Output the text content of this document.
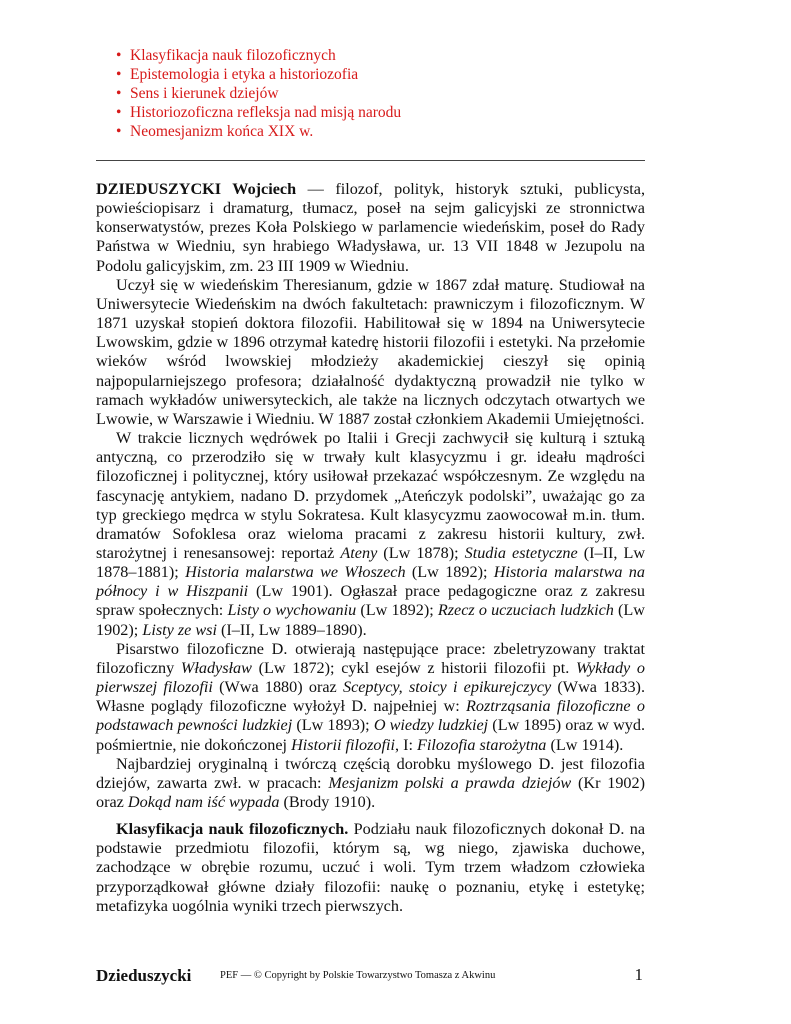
• Klasyfikacja nauk filozoficznych
• Epistemologia i etyka a historiozofia
• Sens i kierunek dziejów
• Historiozoficzna refleksja nad misją narodu
• Neomesjanizm końca XIX w.

DZIEDUSZYCKI Wojciech — filozof, polityk, historyk sztuki, publicysta, powieściopisarz i dramaturg, tłumacz, poseł na sejm galicyjski ze stronnictwa konserwatystów, prezes Koła Polskiego w parlamencie wiedeńskim, poseł do Rady Państwa w Wiedniu, syn hrabiego Władysława, ur. 13 VII 1848 w Jezupolu na Podolu galicyjskim, zm. 23 III 1909 w Wiedniu.

Uczył się w wiedeńskim Theresianum, gdzie w 1867 zdał maturę. Studiował na Uniwersytecie Wiedeńskim na dwóch fakultetach: prawniczym i filozoficznym. W 1871 uzyskał stopień doktora filozofii. Habilitował się w 1894 na Uniwersytecie Lwowskim, gdzie w 1896 otrzymał katedrę historii filozofii i estetyki. Na przełomie wieków wśród lwowskiej młodzieży akademickiej cieszył się opinią najpopularniejszego profesora; działalność dydaktyczną prowadził nie tylko w ramach wykładów uniwersyteckich, ale także na licznych odczytach otwartych we Lwowie, w Warszawie i Wiedniu. W 1887 został członkiem Akademii Umiejętności.

W trakcie licznych wędrówek po Italii i Grecji zachwycił się kulturą i sztuką antyczną, co przerodziło się w trwały kult klasycyzmu i gr. ideału mądrości filozoficznej i politycznej, który usiłował przekazać współczesnym. Ze względu na fascynację antykiem, nadano D. przydomek „Ateńczyk podolski”, uważając go za typ greckiego mędrca w stylu Sokratesa. Kult klasycyzmu zaowocował m.in. tłum. dramatów Sofoklesa oraz wieloma pracami z zakresu historii kultury, zwł. starożytnej i renesansowej: reportaż Ateny (Lw 1878); Studia estetyczne (I–II, Lw 1878–1881); Historia malarstwa we Włoszech (Lw 1892); Historia malarstwa na północy i w Hiszpanii (Lw 1901). Ogłaszał prace pedagogiczne oraz z zakresu spraw społecznych: Listy o wychowaniu (Lw 1892); Rzecz o uczuciach ludzkich (Lw 1902); Listy ze wsi (I–II, Lw 1889–1890).

Pisarstwo filozoficzne D. otwierają następujące prace: zbeletryzowany traktat filozoficzny Władysław (Lw 1872); cykl esejów z historii filozofii pt. Wykłady o pierwszej filozofii (Wwa 1880) oraz Sceptycy, stoicy i epikurejczycy (Wwa 1833). Własne poglądy filozoficzne wyłożył D. najpełniej w: Roztrząsania filozoficzne o podstawach pewności ludzkiej (Lw 1893); O wiedzy ludzkiej (Lw 1895) oraz w wyd. pośmiertnie, nie dokończonej Historii filozofii, I: Filozofia starożytna (Lw 1914).

Najbardziej oryginalną i twórczą częścią dorobku myślowego D. jest filozofia dziejów, zawarta zwł. w pracach: Mesjanizm polski a prawda dziejów (Kr 1902) oraz Dokąd nam iść wypada (Brody 1910).

Klasyfikacja nauk filozoficznych. Podziału nauk filozoficznych dokonał D. na podstawie przedmiotu filozofii, którym są, wg niego, zjawiska duchowe, zachodzące w obrębie rozumu, uczuć i woli. Tym trzem władzom człowieka przyporządkował główne działy filozofii: naukę o poznaniu, etykę i estetykę; metafizyka uogólnia wyniki trzech pierwszych.

Dzieduszycki	PEF — © Copyright by Polskie Towarzystwo Tomasza z Akwinu	1
